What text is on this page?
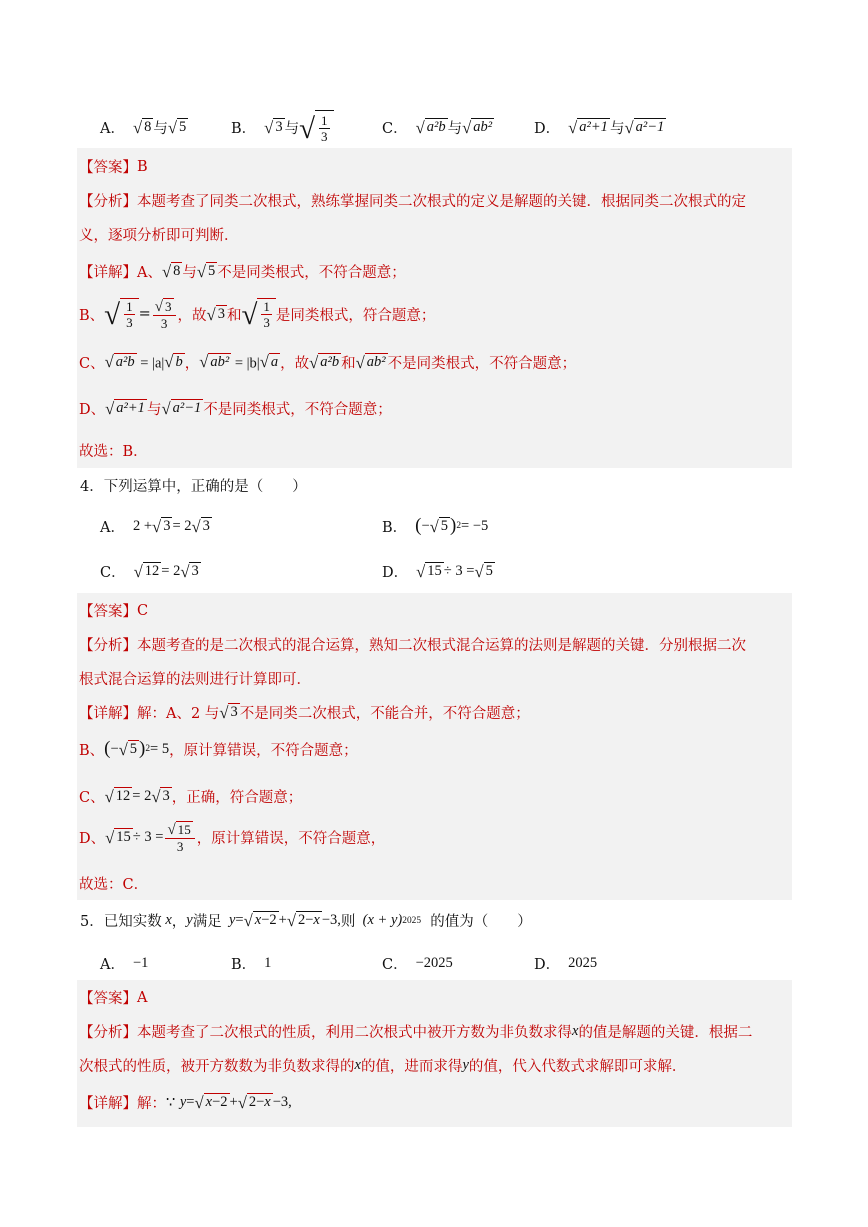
A． √ 8 与 √ 5	B． √ 3 与 √ $\frac{1}{3}$	C． √ a²b 与 √ ab²	D． √ a²+1 与 √ a²−1
【答案】 B
【分析】 本题考查了同类二次根式，熟练掌握同类二次根式的定义是解题的关键．根据同类二次根式的定
义，逐项分析即可判断．
【详解】 A、 √ 8 与 √ 5 不是同类根式，不符合题意；
B、 √ $\frac{1}{3} = \frac{√ 3}{3}$ ，故 √ 3 和 √ $\frac{1}{3}$ 是同类根式，符合题意；
C、 √ a²b = |a| √ b ， √ ab² = |b| √ a ，故 √ a²b 和 √ ab² 不是同类根式，不符合题意；
D、 √ a²+1 与 √ a²−1 不是同类根式，不符合题意；
故选：B．
4．下列运算中，正确的是（　　）
A． 2 + √ 3 = 2 √ 3	B． ( − √ 5 ) 2 = −5
C． √ 12 = 2 √ 3	D． √ 15 ÷ 3 = √ 5
【答案】 C
【分析】 本题考查的是二次根式的混合运算，熟知二次根式混合运算的法则是解题的关键．分别根据二次
根式混合运算的法则进行计算即可．
【详解】 解：A、2 与 √ 3 不是同类二次根式，不能合并，不符合题意；
B、 ( − √ 5 ) 2 = 5 ，原计算错误，不符合题意；
C、 √ 12 = 2 √ 3 ，正确，符合题意；
D、 √ $15 \div 3 = \frac{√ 15}{3}$ ，原计算错误，不符合题意，
故选：C．
5．已知实数 x ， y 满足 y = √ x−2 + √ 2−x −3, 则 (x + y) 2025
的值为（　　）
A． −1	B． 1	C． −2025	D． 2025
【答案】 A
【分析】 本题考查了二次根式的性质，利用二次根式中被开方数为非负数求得 x 的值是解题的关键．根据二
次根式的性质，被开方数数为非负数求得的 x 的值，进而求得 y 的值，代入代数式求解即可求解．
【详解】 解： ∵ y = √ x−2 + √ 2−x −3,
